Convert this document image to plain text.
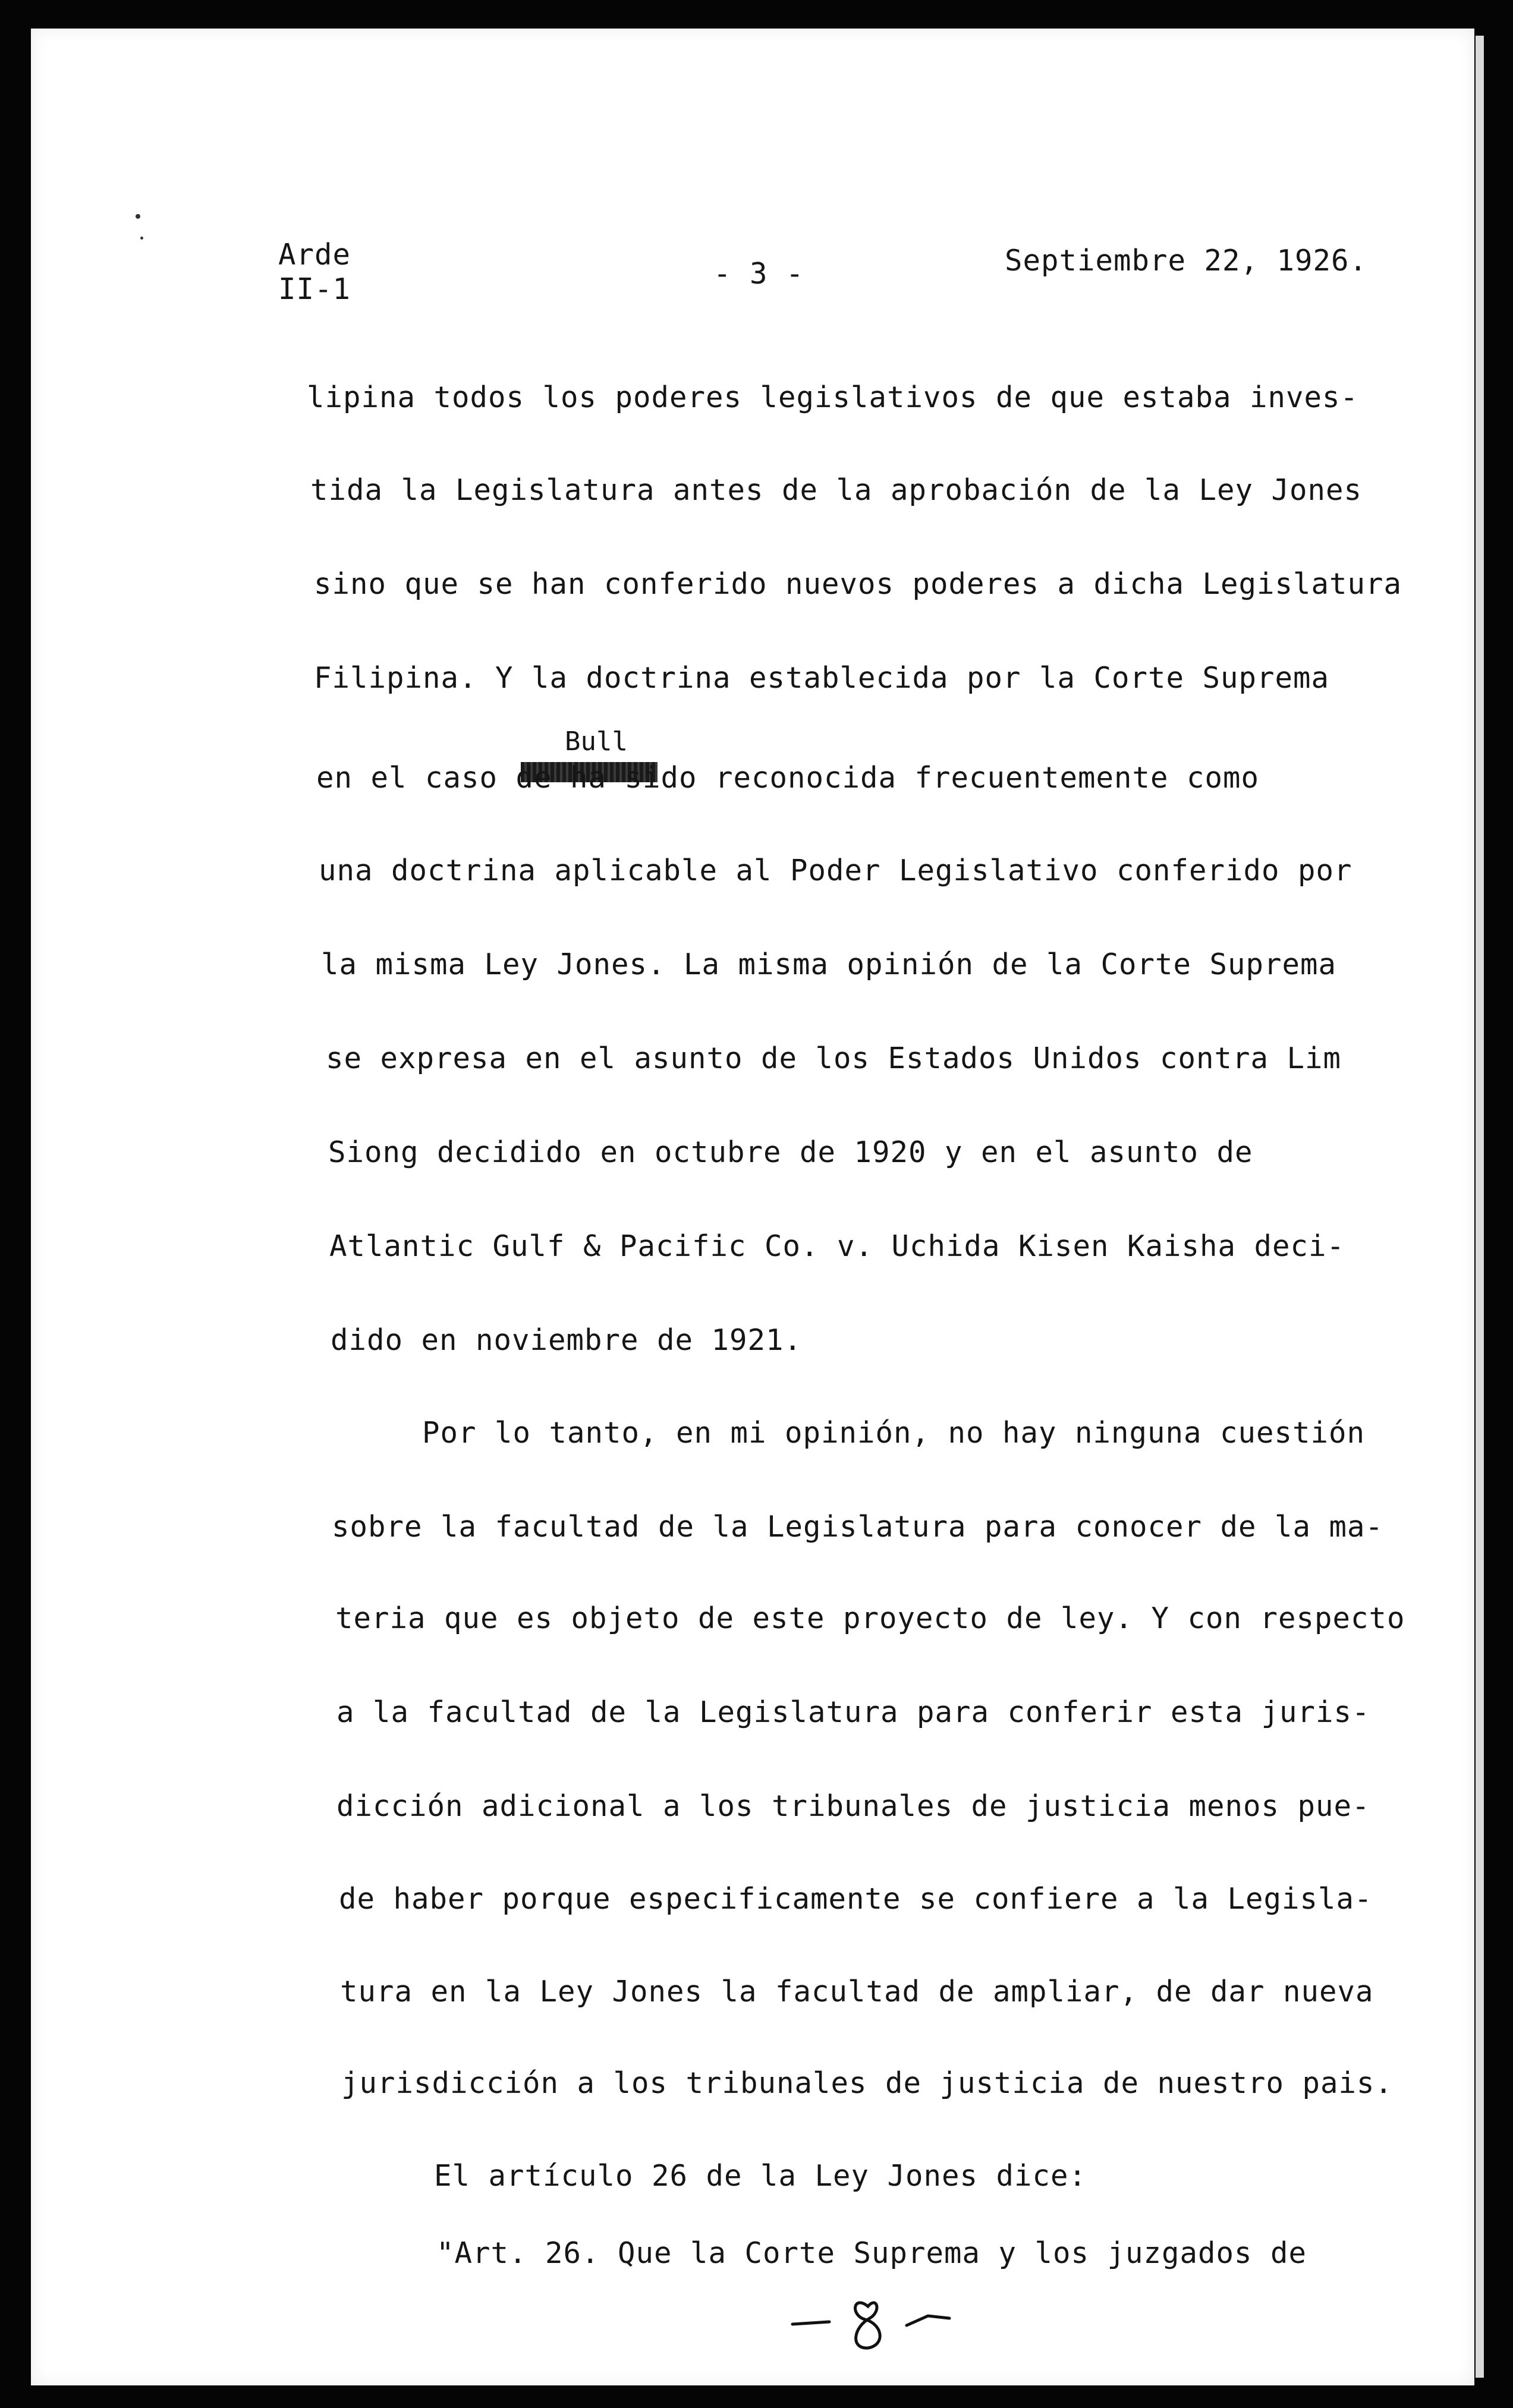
Arde
II-1	- 3 -	Septiembre 22, 1926.
Bull
lipina todos los poderes legislativos de que estaba inves-
tida la Legislatura antes de la aprobación de la Ley Jones
sino que se han conferido nuevos poderes a dicha Legislatura
Filipina. Y la doctrina establecida por la Corte Suprema
en el caso de ha sido reconocida frecuentemente como
una doctrina aplicable al Poder Legislativo conferido por
la misma Ley Jones. La misma opinión de la Corte Suprema
se expresa en el asunto de los Estados Unidos contra Lim
Siong decidido en octubre de 1920 y en el asunto de
Atlantic Gulf & Pacific Co. v. Uchida Kisen Kaisha deci-
dido en noviembre de 1921.
Por lo tanto, en mi opinión, no hay ninguna cuestión
sobre la facultad de la Legislatura para conocer de la ma-
teria que es objeto de este proyecto de ley. Y con respecto
a la facultad de la Legislatura para conferir esta juris-
dicción adicional a los tribunales de justicia menos pue-
de haber porque especificamente se confiere a la Legisla-
tura en la Ley Jones la facultad de ampliar, de dar nueva
jurisdicción a los tribunales de justicia de nuestro pais.
El artículo 26 de la Ley Jones dice:
"Art. 26. Que la Corte Suprema y los juzgados de
